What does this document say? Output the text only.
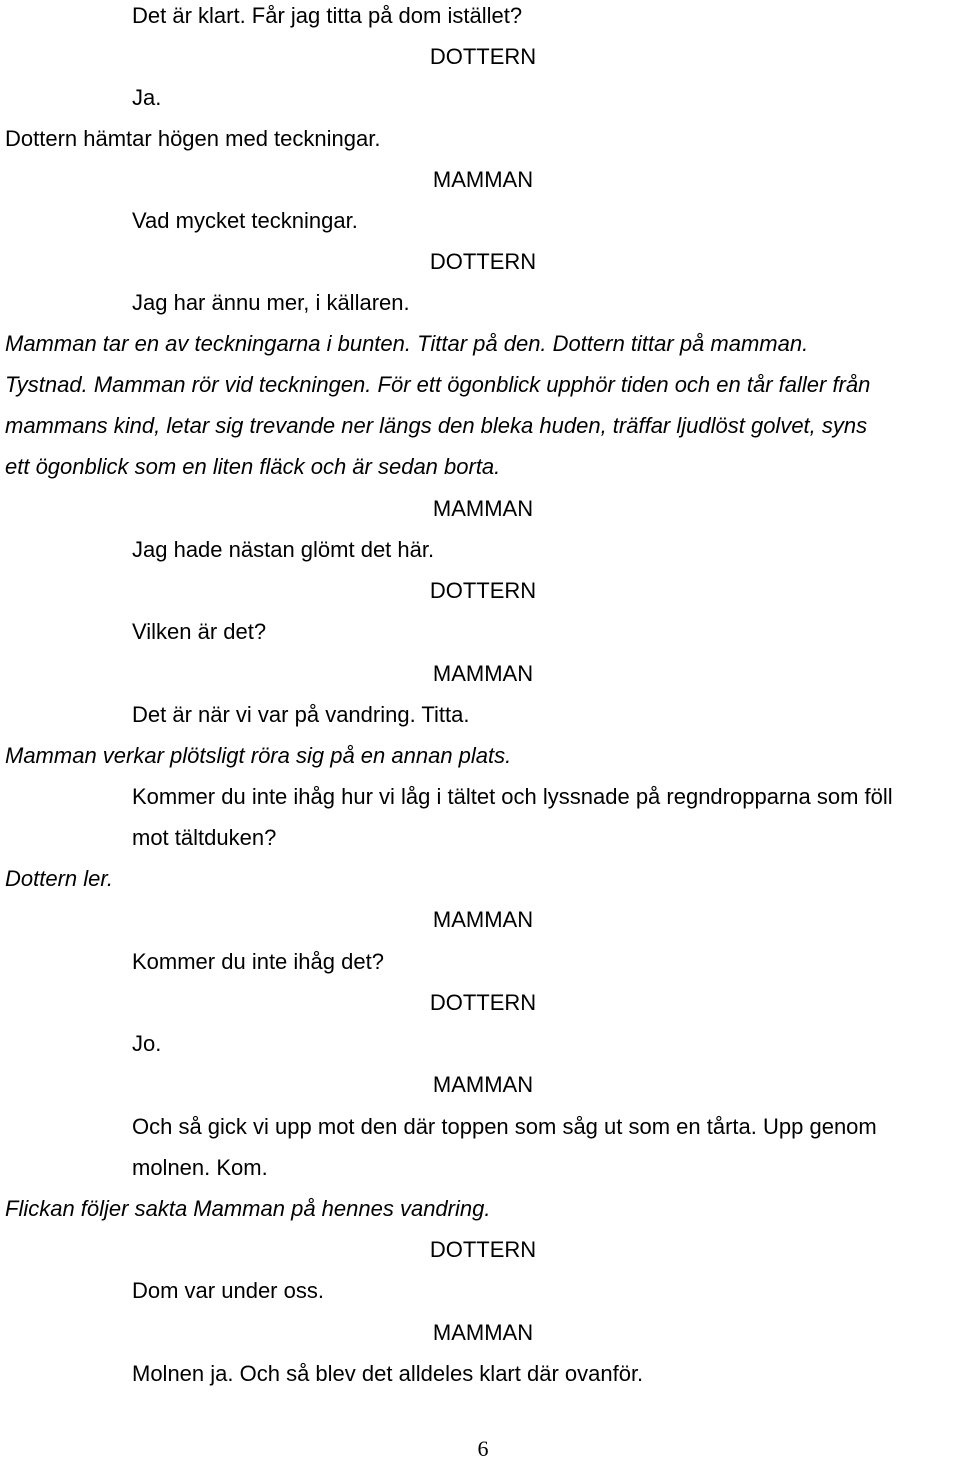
Det är klart. Får jag titta på dom istället?
DOTTERN
Ja.
Dottern hämtar högen med teckningar.
MAMMAN
Vad mycket teckningar.
DOTTERN
Jag har ännu mer, i källaren.
Mamman tar en av teckningarna i bunten. Tittar på den. Dottern tittar på mamman.
Tystnad. Mamman rör vid teckningen. För ett ögonblick upphör tiden och en tår faller från
mammans kind, letar sig trevande ner längs den bleka huden, träffar ljudlöst golvet, syns
ett ögonblick som en liten fläck och är sedan borta.
MAMMAN
Jag hade nästan glömt det här.
DOTTERN
Vilken är det?
MAMMAN
Det är när vi var på vandring. Titta.
Mamman verkar plötsligt röra sig på en annan plats.
Kommer du inte ihåg hur vi låg i tältet och lyssnade på regndropparna som föll
mot tältduken?
Dottern ler.
MAMMAN
Kommer du inte ihåg det?
DOTTERN
Jo.
MAMMAN
Och så gick vi upp mot den där toppen som såg ut som en tårta. Upp genom
molnen. Kom.
Flickan följer sakta Mamman på hennes vandring.
DOTTERN
Dom var under oss.
MAMMAN
Molnen ja. Och så blev det alldeles klart där ovanför.
6
